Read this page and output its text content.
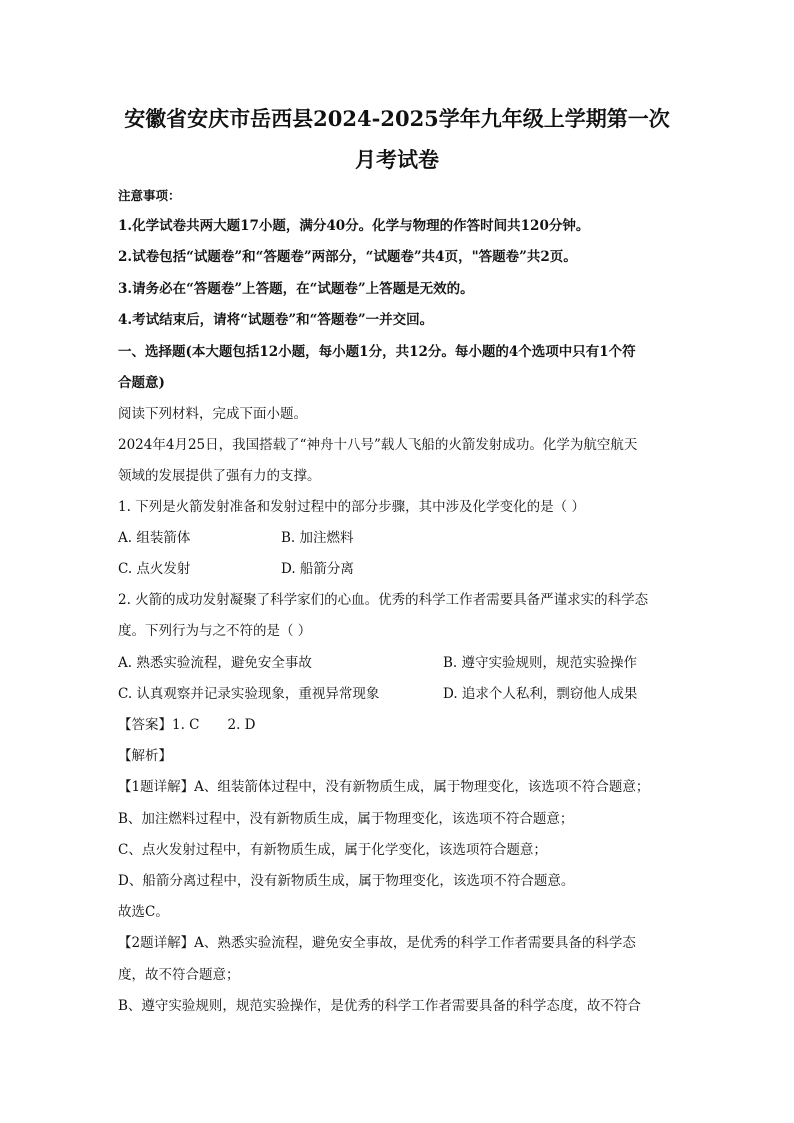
安徽省安庆市岳西县2024-2025学年九年级上学期第一次
月考试卷
注意事项：
1.化学试卷共两大题17小题，满分40分。化学与物理的作答时间共120分钟。
2.试卷包括“试题卷”和“答题卷”两部分，“试题卷”共4页，"答题卷”共2页。
3.请务必在“答题卷”上答题，在“试题卷”上答题是无效的。
4.考试结束后，请将“试题卷”和“答题卷”一并交回。
一、选择题(本大题包括12小题，每小题1分，共12分。每小题的4个选项中只有1个符
合题意)
阅读下列材料，完成下面小题。
2024年4月25日，我国搭载了“神舟十八号”载人飞船的火箭发射成功。化学为航空航天
领域的发展提供了强有力的支撑。
1. 下列是火箭发射准备和发射过程中的部分步骤，其中涉及化学变化的是（ ）
A. 组装箭体	B. 加注燃料
C. 点火发射	D. 船箭分离
2. 火箭的成功发射凝聚了科学家们的心血。优秀的科学工作者需要具备严谨求实的科学态
度。下列行为与之不符的是（ ）
A. 熟悉实验流程，避免安全事故	B. 遵守实验规则，规范实验操作
C. 认真观察并记录实验现象，重视异常现象	D. 追求个人私利，剽窃他人成果
【答案】1. C 2. D
【解析】
【1题详解】A、组装箭体过程中，没有新物质生成，属于物理变化，该选项不符合题意；
B、加注燃料过程中，没有新物质生成，属于物理变化，该选项不符合题意；
C、点火发射过程中，有新物质生成，属于化学变化，该选项符合题意；
D、船箭分离过程中，没有新物质生成，属于物理变化，该选项不符合题意。
故选C。
【2题详解】A、熟悉实验流程，避免安全事故，是优秀的科学工作者需要具备的科学态
度，故不符合题意；
B、遵守实验规则，规范实验操作，是优秀的科学工作者需要具备的科学态度，故不符合
